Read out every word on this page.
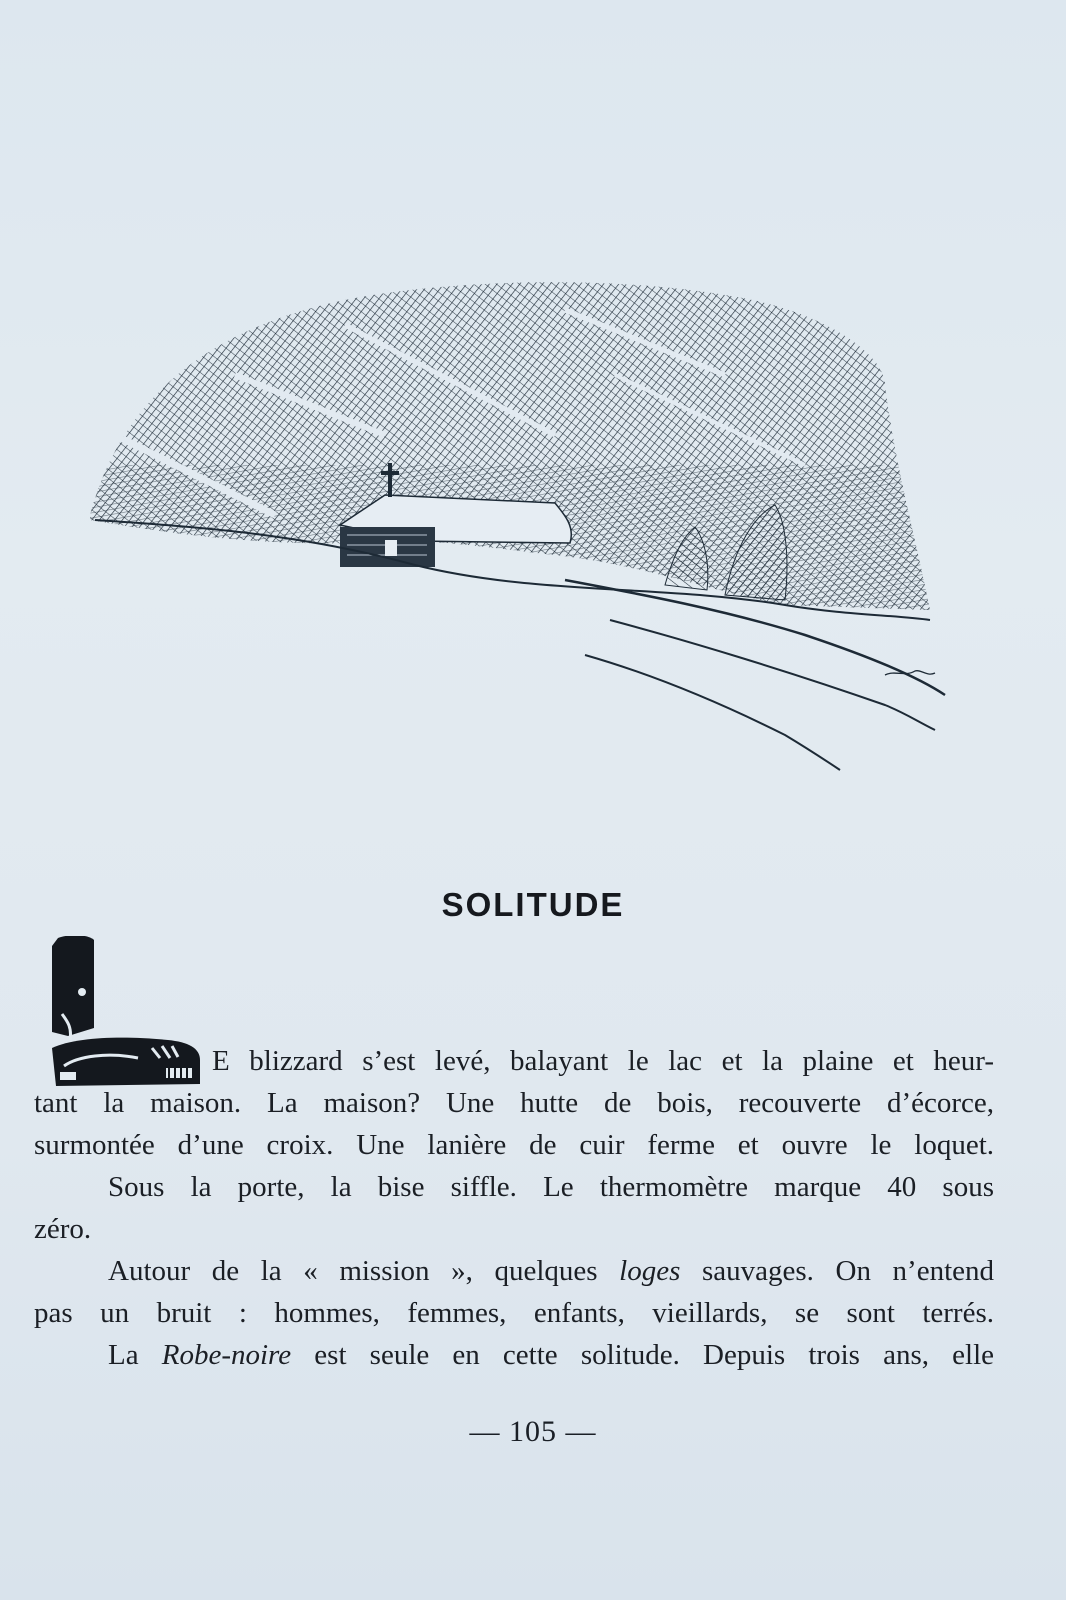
SOLITUDE
E blizzard s’est levé, balayant le lac et la plaine et heur-
tant la maison. La maison? Une hutte de bois, recouverte d’écorce,
surmontée d’une croix. Une lanière de cuir ferme et ouvre le loquet.
Sous la porte, la bise siffle. Le thermomètre marque 40 sous
zéro.
Autour de la « mission », quelques loges sauvages. On n’entend
pas un bruit : hommes, femmes, enfants, vieillards, se sont terrés.
La Robe-noire est seule en cette solitude. Depuis trois ans, elle
— 105 —
